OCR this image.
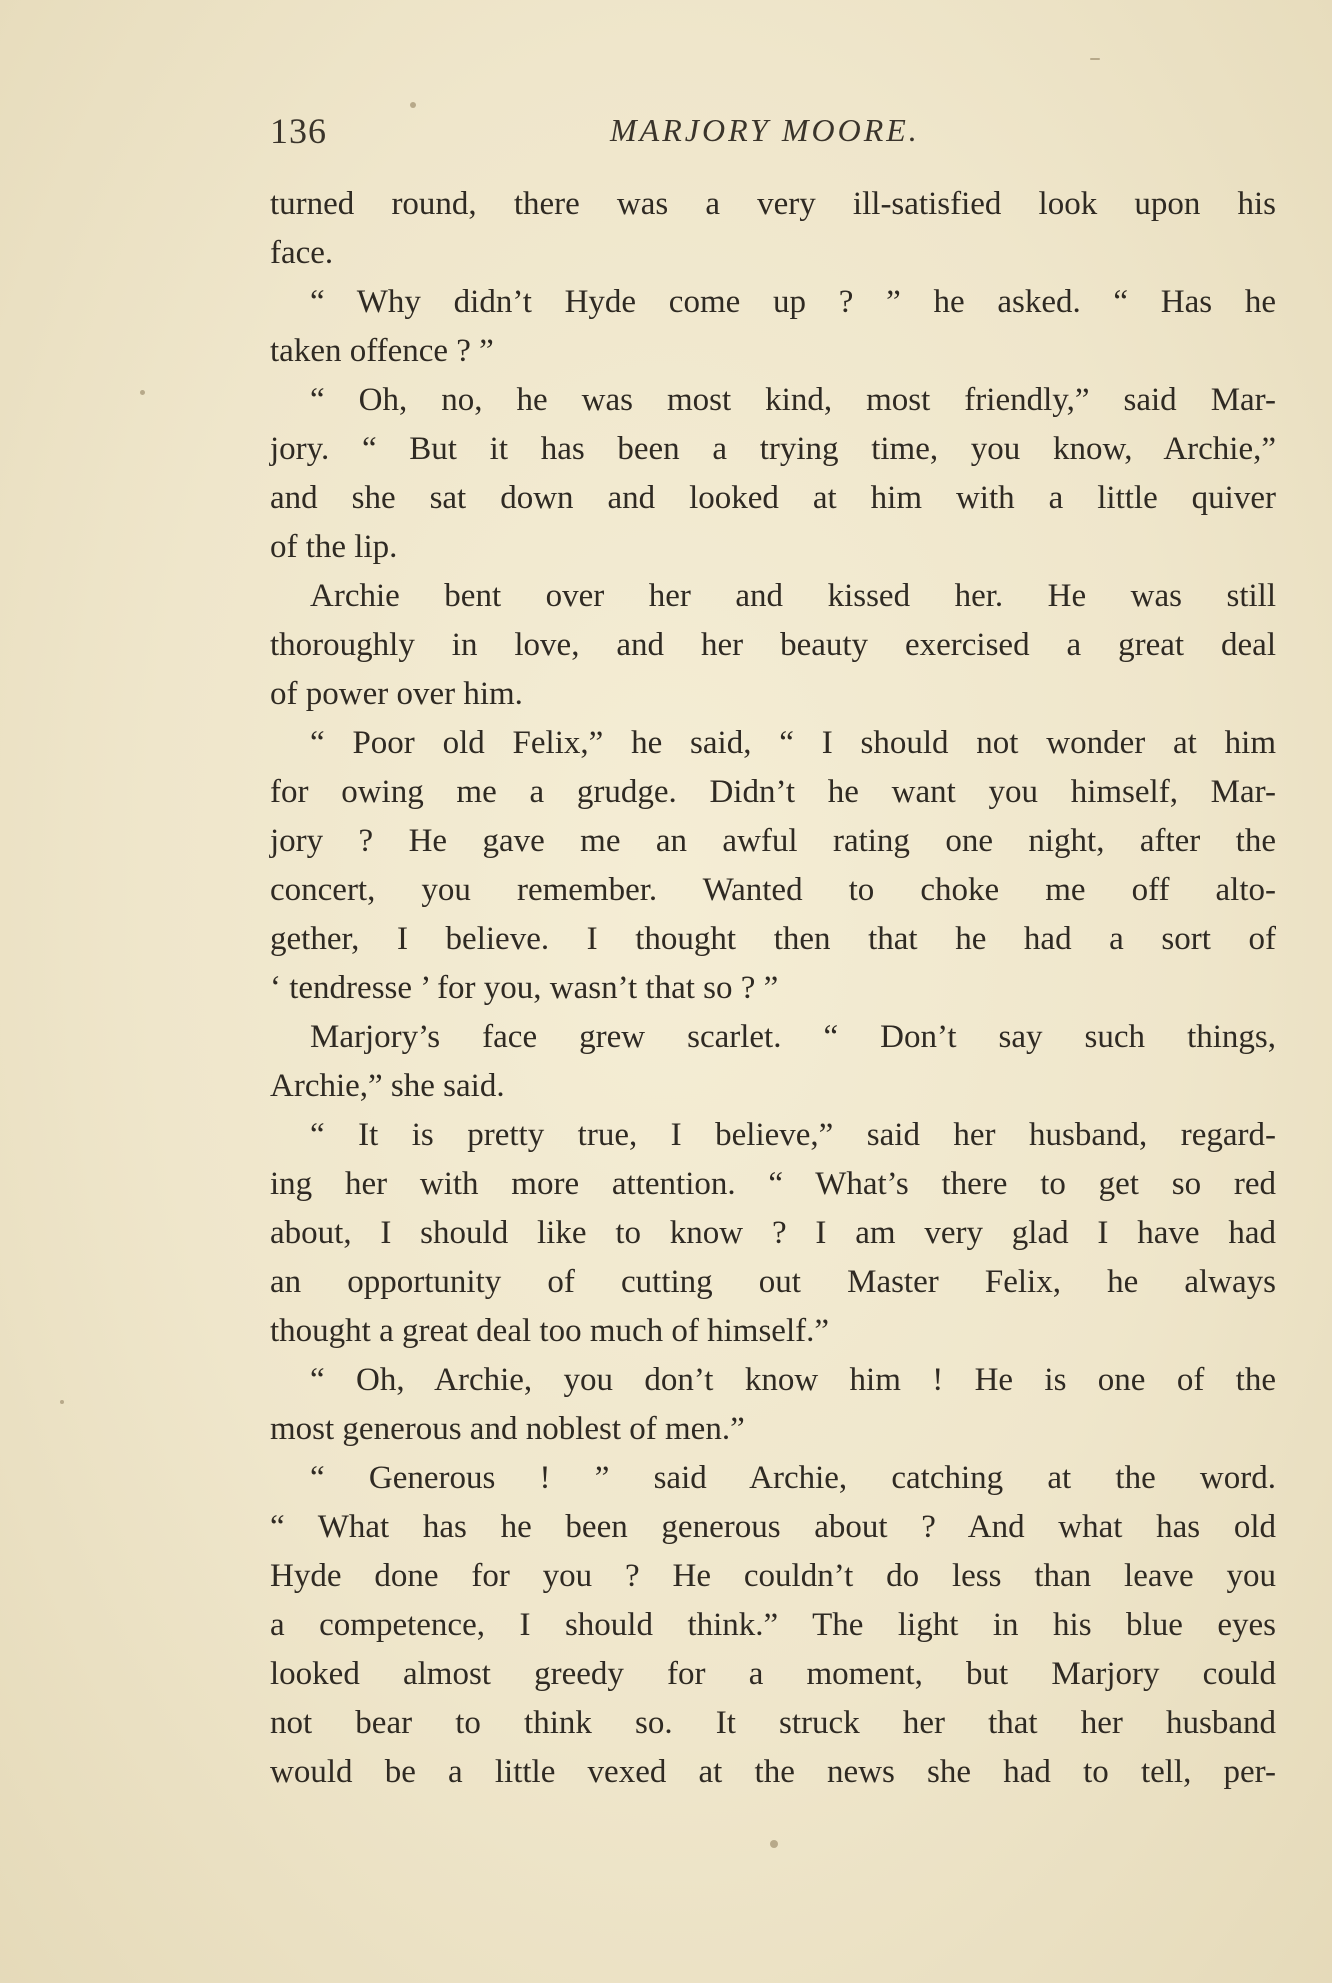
136	MARJORY MOORE.
turned round, there was a very ill-satisfied look upon his
face.
“ Why didn’t Hyde come up ? ” he asked. “ Has he
taken offence ? ”
“ Oh, no, he was most kind, most friendly,” said Mar-
jory. “ But it has been a trying time, you know, Archie,”
and she sat down and looked at him with a little quiver
of the lip.
Archie bent over her and kissed her. He was still
thoroughly in love, and her beauty exercised a great deal
of power over him.
“ Poor old Felix,” he said, “ I should not wonder at him
for owing me a grudge. Didn’t he want you himself, Mar-
jory ? He gave me an awful rating one night, after the
concert, you remember. Wanted to choke me off alto-
gether, I believe. I thought then that he had a sort of
‘ tendresse ’ for you, wasn’t that so ? ”
Marjory’s face grew scarlet. “ Don’t say such things,
Archie,” she said.
“ It is pretty true, I believe,” said her husband, regard-
ing her with more attention. “ What’s there to get so red
about, I should like to know ? I am very glad I have had
an opportunity of cutting out Master Felix, he always
thought a great deal too much of himself.”
“ Oh, Archie, you don’t know him ! He is one of the
most generous and noblest of men.”
“ Generous ! ” said Archie, catching at the word.
“ What has he been generous about ? And what has old
Hyde done for you ? He couldn’t do less than leave you
a competence, I should think.” The light in his blue eyes
looked almost greedy for a moment, but Marjory could
not bear to think so. It struck her that her husband
would be a little vexed at the news she had to tell, per-
